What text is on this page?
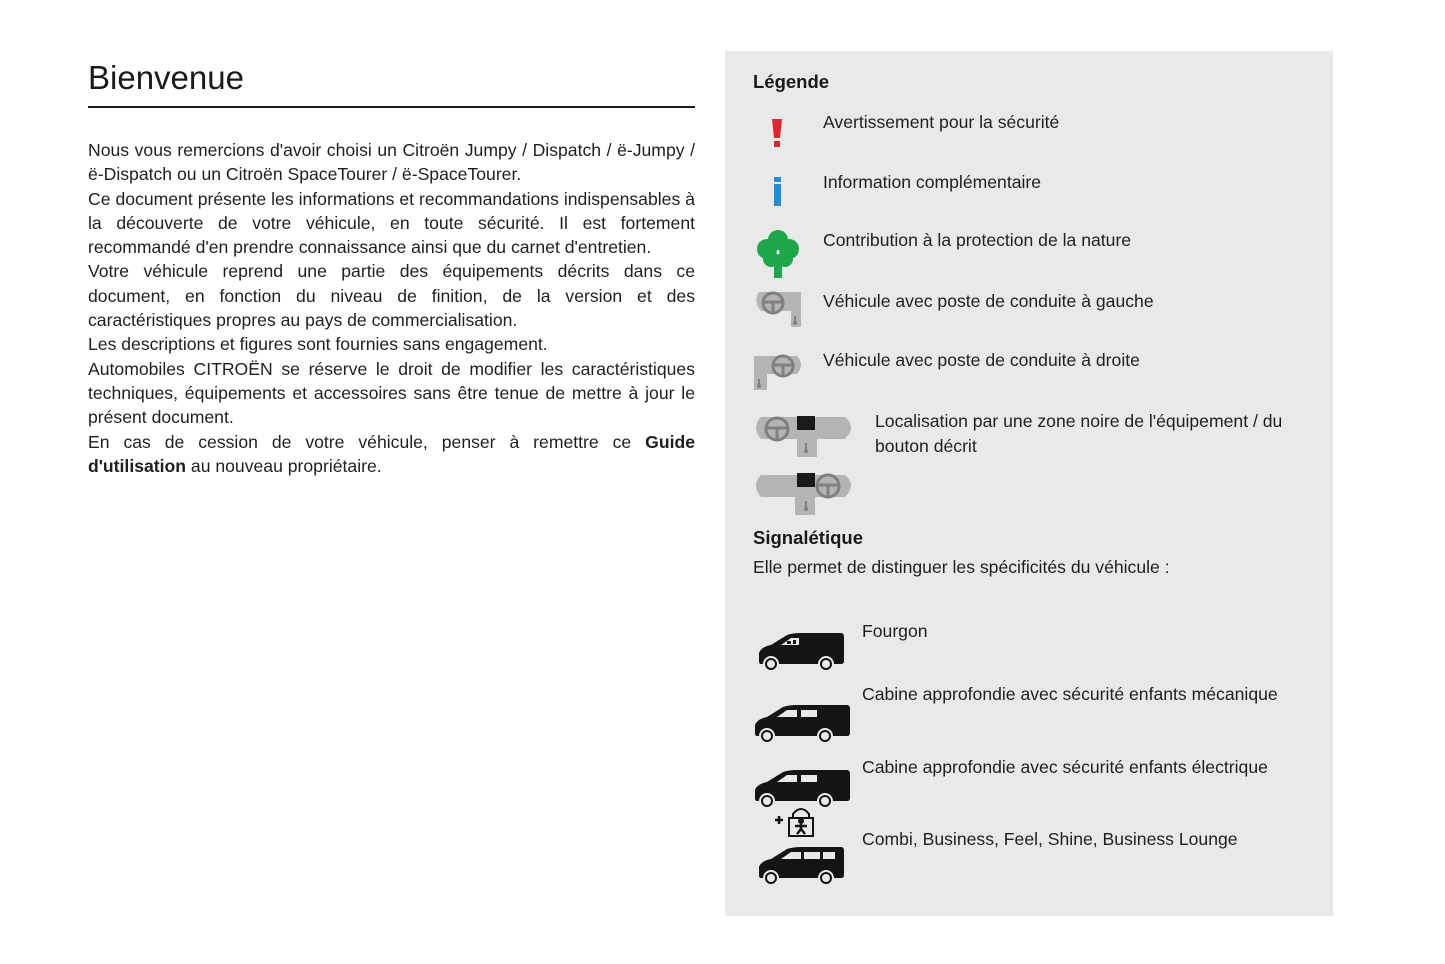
Bienvenue

Nous vous remercions d'avoir choisi un Citroën Jumpy / Dispatch / ë-Jumpy / ë-Dispatch ou un Citroën SpaceTourer / ë-SpaceTourer.

Ce document présente les informations et recommandations indispensables à la découverte de votre véhicule, en toute sécurité. Il est fortement recommandé d'en prendre connaissance ainsi que du carnet d'entretien.

Votre véhicule reprend une partie des équipements décrits dans ce document, en fonction du niveau de finition, de la version et des caractéristiques propres au pays de commercialisation.

Les descriptions et figures sont fournies sans engagement.

Automobiles CITROËN se réserve le droit de modifier les caractéristiques techniques, équipements et accessoires sans être tenue de mettre à jour le présent document.

En cas de cession de votre véhicule, penser à remettre ce Guide d'utilisation au nouveau propriétaire.

Légende
Avertissement pour la sécurité
Information complémentaire
Contribution à la protection de la nature
Véhicule avec poste de conduite à gauche
Véhicule avec poste de conduite à droite
Localisation par une zone noire de l'équipement / du bouton décrit
Signalétique
Elle permet de distinguer les spécificités du véhicule :
Fourgon
Cabine approfondie avec sécurité enfants mécanique
Cabine approfondie avec sécurité enfants électrique
Combi, Business, Feel, Shine, Business Lounge
